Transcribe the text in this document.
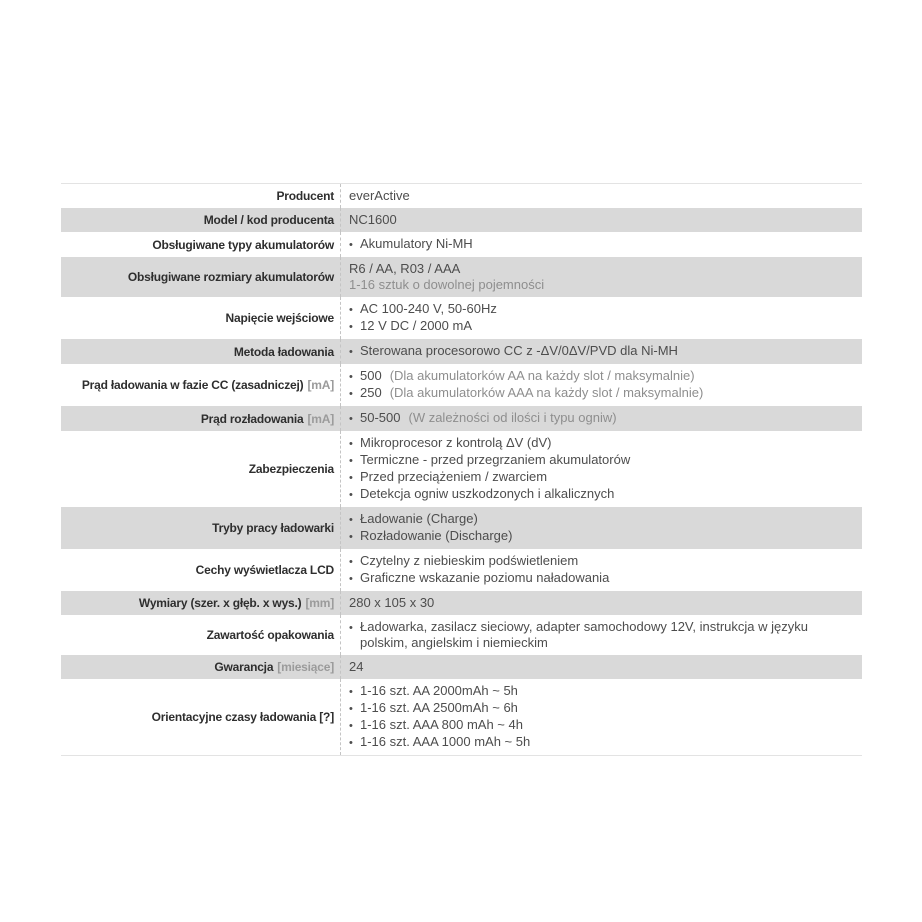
Producent everActive
Model / kod producenta NC1600
Obsługiwane typy akumulatorów • Akumulatory Ni-MH
Obsługiwane rozmiary akumulatorów
R6 / AA, R03 / AAA
1-16 sztuk o dowolnej pojemności
Napięcie wejściowe
• AC 100-240 V, 50-60Hz
• 12 V DC / 2000 mA
Metoda ładowania • Sterowana procesorowo CC z -ΔV/0ΔV/PVD dla Ni-MH
Prąd ładowania w fazie CC (zasadniczej) [mA]
• 500 (Dla akumulatorków AA na każdy slot / maksymalnie)
• 250 (Dla akumulatorków AAA na każdy slot / maksymalnie)
Prąd rozładowania [mA] • 50-500 (W zależności od ilości i typu ogniw)
Zabezpieczenia
• Mikroprocesor z kontrolą ΔV (dV)
• Termiczne - przed przegrzaniem akumulatorów
• Przed przeciążeniem / zwarciem
• Detekcja ogniw uszkodzonych i alkalicznych
Tryby pracy ładowarki
• Ładowanie (Charge)
• Rozładowanie (Discharge)
Cechy wyświetlacza LCD
• Czytelny z niebieskim podświetleniem
• Graficzne wskazanie poziomu naładowania
Wymiary (szer. x głęb. x wys.) [mm] 280 x 105 x 30
Zawartość opakowania • Ładowarka, zasilacz sieciowy, adapter samochodowy 12V, instrukcja w języku polskim, angielskim i niemieckim
Gwarancja [miesiące] 24
Orientacyjne czasy ładowania [?]
• 1-16 szt. AA 2000mAh ~ 5h
• 1-16 szt. AA 2500mAh ~ 6h
• 1-16 szt. AAA 800 mAh ~ 4h
• 1-16 szt. AAA 1000 mAh ~ 5h
